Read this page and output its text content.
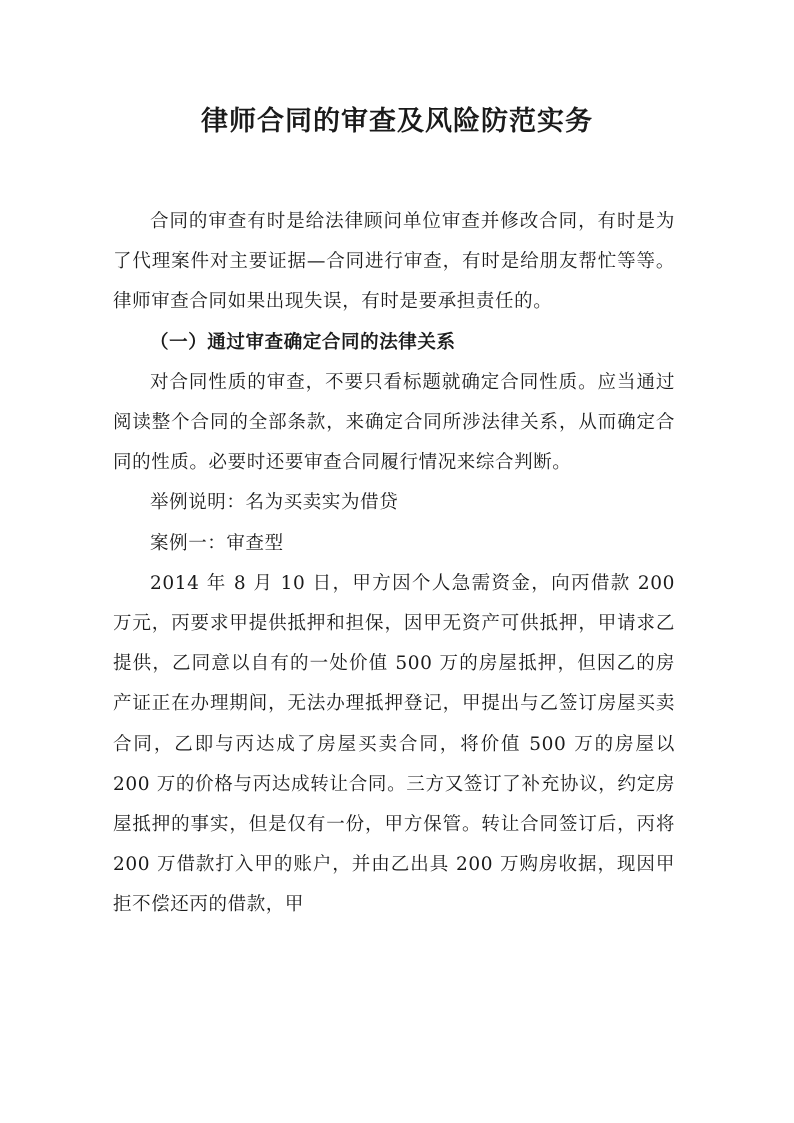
律师合同的审查及风险防范实务

合同的审查有时是给法律顾问单位审查并修改合同，有时是为了代理案件对主要证据—合同进行审查，有时是给朋友帮忙等等。律师审查合同如果出现失误，有时是要承担责任的。

（一）通过审查确定合同的法律关系

对合同性质的审查，不要只看标题就确定合同性质。应当通过阅读整个合同的全部条款，来确定合同所涉法律关系，从而确定合同的性质。必要时还要审查合同履行情况来综合判断。

举例说明：名为买卖实为借贷

案例一：审查型

2014 年 8 月 10 日，甲方因个人急需资金，向丙借款 200 万元，丙要求甲提供抵押和担保，因甲无资产可供抵押，甲请求乙提供，乙同意以自有的一处价值 500 万的房屋抵押，但因乙的房产证正在办理期间，无法办理抵押登记，甲提出与乙签订房屋买卖合同，乙即与丙达成了房屋买卖合同，将价值 500 万的房屋以 200 万的价格与丙达成转让合同。三方又签订了补充协议，约定房屋抵押的事实，但是仅有一份，甲方保管。转让合同签订后，丙将 200 万借款打入甲的账户，并由乙出具 200 万购房收据，现因甲拒不偿还丙的借款，甲
